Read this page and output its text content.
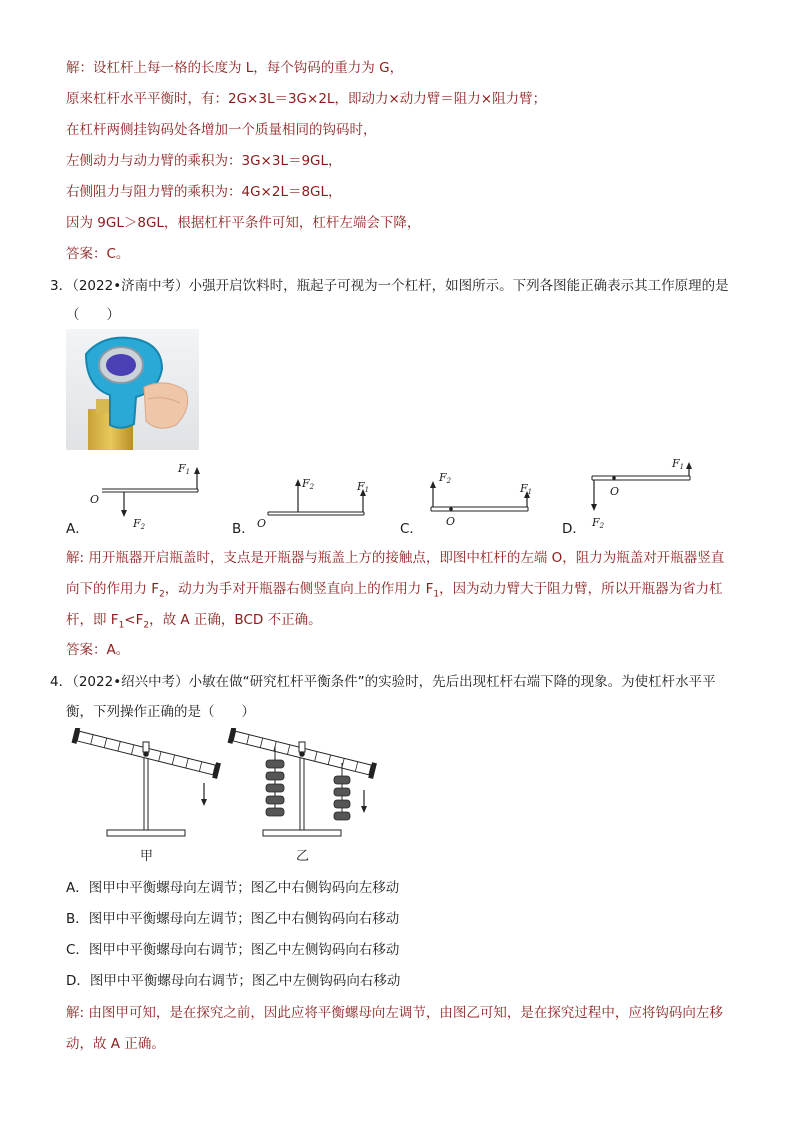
解：设杠杆上每一格的长度为 L，每个钩码的重力为 G，
原来杠杆水平平衡时，有：2G×3L＝3G×2L，即动力×动力臂＝阻力×阻力臂；
在杠杆两侧挂钩码处各增加一个质量相同的钩码时，
左侧动力与动力臂的乘积为：3G×3L＝9GL，
右侧阻力与阻力臂的乘积为：4G×2L＝8GL，
因为 9GL＞8GL，根据杠杆平条件可知，杠杆左端会下降，
答案：C。
3．（2022•济南中考）小强开启饮料时，瓶起子可视为一个杠杆，如图所示。下列各图能正确表示其工作原理的是
（　　）
O
F1
F2
A．	O
F1
F2
B．	O
F1
F2
C．
O
F1
F2
D．
解: 用开瓶器开启瓶盖时，支点是开瓶器与瓶盖上方的接触点，即图中杠杆的左端 O，阻力为瓶盖对开瓶器竖直
向下的作用力 $F_2$，动力为手对开瓶器右侧竖直向上的作用力 $F_1$，因为动力臂大于阻力臂，所以开瓶器为省力杠
杆，即 $F_1<F_2$，故 A 正确，BCD 不正确。
答案：A。
4．（2022•绍兴中考）小敏在做“研究杠杆平衡条件”的实验时，先后出现杠杆右端下降的现象。为使杠杆水平平
衡，下列操作正确的是（　　）
甲	乙
A．图甲中平衡螺母向左调节；图乙中右侧钩码向左移动
B．图甲中平衡螺母向左调节；图乙中右侧钩码向右移动
C．图甲中平衡螺母向右调节；图乙中左侧钩码向右移动
D．图甲中平衡螺母向右调节；图乙中左侧钩码向右移动
解: 由图甲可知，是在探究之前，因此应将平衡螺母向左调节，由图乙可知，是在探究过程中，应将钩码向左移
动，故 A 正确。
